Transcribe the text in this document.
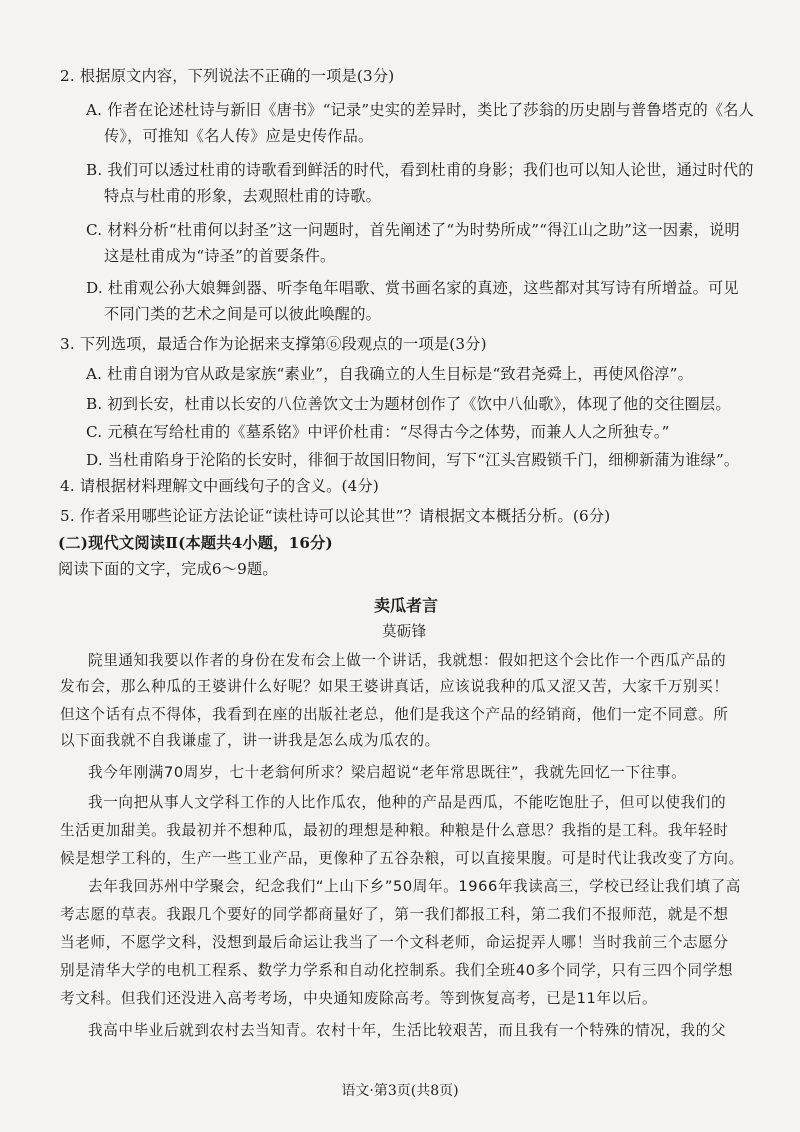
2. 根据原文内容，下列说法不正确的一项是(3分)
A. 作者在论述杜诗与新旧《唐书》“记录”史实的差异时，类比了莎翁的历史剧与普鲁塔克的《名人
传》，可推知《名人传》应是史传作品。
B. 我们可以透过杜甫的诗歌看到鲜活的时代，看到杜甫的身影；我们也可以知人论世，通过时代的
特点与杜甫的形象，去观照杜甫的诗歌。
C. 材料分析“杜甫何以封圣”这一问题时，首先阐述了“为时势所成”“得江山之助”这一因素，说明
这是杜甫成为“诗圣”的首要条件。
D. 杜甫观公孙大娘舞剑器、听李龟年唱歌、赏书画名家的真迹，这些都对其写诗有所增益。可见
不同门类的艺术之间是可以彼此唤醒的。
3. 下列选项，最适合作为论据来支撑第⑥段观点的一项是(3分)
A. 杜甫自诩为官从政是家族“素业”，自我确立的人生目标是“致君尧舜上，再使风俗淳”。
B. 初到长安，杜甫以长安的八位善饮文士为题材创作了《饮中八仙歌》，体现了他的交往圈层。
C. 元稹在写给杜甫的《墓系铭》中评价杜甫：“尽得古今之体势，而兼人人之所独专。”
D. 当杜甫陷身于沦陷的长安时，徘徊于故国旧物间，写下“江头宫殿锁千门，细柳新蒲为谁绿”。
4. 请根据材料理解文中画线句子的含义。(4分)
5. 作者采用哪些论证方法论证“读杜诗可以论其世”？请根据文本概括分析。(6分)
(二)现代文阅读Ⅱ(本题共4小题，16分)
阅读下面的文字，完成6～9题。
卖瓜者言
莫砺锋
院里通知我要以作者的身份在发布会上做一个讲话，我就想：假如把这个会比作一个西瓜产品的
发布会，那么种瓜的王婆讲什么好呢？如果王婆讲真话，应该说我种的瓜又涩又苦，大家千万别买！
但这个话有点不得体，我看到在座的出版社老总，他们是我这个产品的经销商，他们一定不同意。所
以下面我就不自我谦虚了，讲一讲我是怎么成为瓜农的。
我今年刚满70周岁，七十老翁何所求？梁启超说“老年常思既往”，我就先回忆一下往事。
我一向把从事人文学科工作的人比作瓜农，他种的产品是西瓜，不能吃饱肚子，但可以使我们的
生活更加甜美。我最初并不想种瓜，最初的理想是种粮。种粮是什么意思？我指的是工科。我年轻时
候是想学工科的，生产一些工业产品，更像种了五谷杂粮，可以直接果腹。可是时代让我改变了方向。
去年我回苏州中学聚会，纪念我们“上山下乡”50周年。1966年我读高三，学校已经让我们填了高
考志愿的草表。我跟几个要好的同学都商量好了，第一我们都报工科，第二我们不报师范，就是不想
当老师，不愿学文科，没想到最后命运让我当了一个文科老师，命运捉弄人哪！当时我前三个志愿分
别是清华大学的电机工程系、数学力学系和自动化控制系。我们全班40多个同学，只有三四个同学想
考文科。但我们还没进入高考考场，中央通知废除高考。等到恢复高考，已是11年以后。
我高中毕业后就到农村去当知青。农村十年，生活比较艰苦，而且我有一个特殊的情况，我的父
语文·第3页(共8页)
